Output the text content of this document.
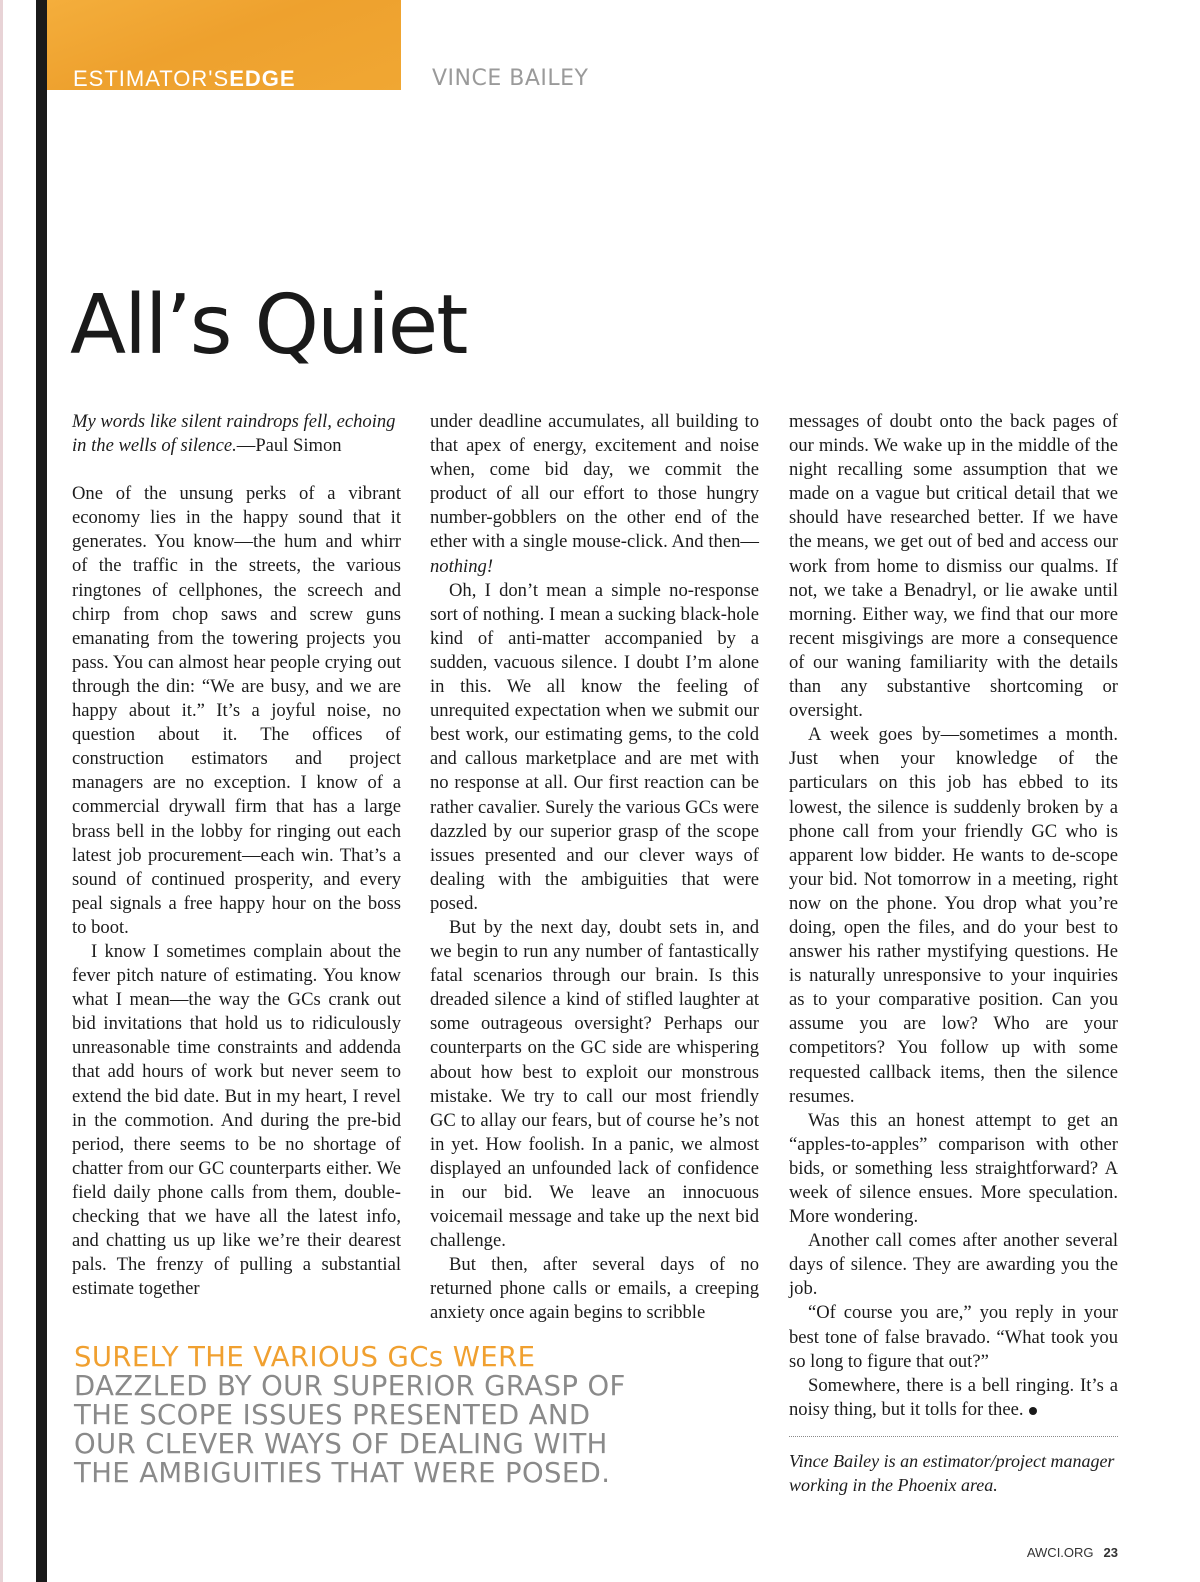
ESTIMATOR'SEDGE	VINCE BAILEY
All’s Quiet

My words like silent raindrops fell, echoing in the wells of silence.—Paul Simon

One of the unsung perks of a vibrant economy lies in the happy sound that it generates. You know—the hum and whirr of the traffic in the streets, the various ringtones of cellphones, the screech and chirp from chop saws and screw guns emanating from the towering projects you pass. You can almost hear people crying out through the din: “We are busy, and we are happy about it.” It’s a joyful noise, no question about it. The offices of construction estimators and project managers are no exception. I know of a commercial drywall firm that has a large brass bell in the lobby for ringing out each latest job procurement—each win. That’s a sound of continued prosperity, and every peal signals a free happy hour on the boss to boot.

I know I sometimes complain about the fever pitch nature of estimating. You know what I mean—the way the GCs crank out bid invitations that hold us to ridiculously unreasonable time constraints and addenda that add hours of work but never seem to extend the bid date. But in my heart, I revel in the commotion. And during the pre-bid period, there seems to be no shortage of chatter from our GC counterparts either. We field daily phone calls from them, double-checking that we have all the latest info, and chatting us up like we’re their dearest pals. The frenzy of pulling a substantial estimate together

under deadline accumulates, all building to that apex of energy, excitement and noise when, come bid day, we commit the product of all our effort to those hungry number-gobblers on the other end of the ether with a single mouse-click. And then—nothing!

Oh, I don’t mean a simple no-response sort of nothing. I mean a sucking black-hole kind of anti-matter accompanied by a sudden, vacuous silence. I doubt I’m alone in this. We all know the feeling of unrequited expectation when we submit our best work, our estimating gems, to the cold and callous marketplace and are met with no response at all. Our first reaction can be rather cavalier. Surely the various GCs were dazzled by our superior grasp of the scope issues presented and our clever ways of dealing with the ambiguities that were posed.

But by the next day, doubt sets in, and we begin to run any number of fantastically fatal scenarios through our brain. Is this dreaded silence a kind of stifled laughter at some outrageous oversight? Perhaps our counterparts on the GC side are whispering about how best to exploit our monstrous mistake. We try to call our most friendly GC to allay our fears, but of course he’s not in yet. How foolish. In a panic, we almost displayed an unfounded lack of confidence in our bid. We leave an innocuous voicemail message and take up the next bid challenge.

But then, after several days of no returned phone calls or emails, a creeping anxiety once again begins to scribble

messages of doubt onto the back pages of our minds. We wake up in the middle of the night recalling some assumption that we made on a vague but critical detail that we should have researched better. If we have the means, we get out of bed and access our work from home to dismiss our qualms. If not, we take a Benadryl, or lie awake until morning. Either way, we find that our more recent misgivings are more a consequence of our waning familiarity with the details than any substantive shortcoming or oversight.

A week goes by—sometimes a month. Just when your knowledge of the particulars on this job has ebbed to its lowest, the silence is suddenly broken by a phone call from your friendly GC who is apparent low bidder. He wants to de-scope your bid. Not tomorrow in a meeting, right now on the phone. You drop what you’re doing, open the files, and do your best to answer his rather mystifying questions. He is naturally unresponsive to your inquiries as to your comparative position. Can you assume you are low? Who are your competitors? You follow up with some requested callback items, then the silence resumes.

Was this an honest attempt to get an “apples-to-apples” comparison with other bids, or something less straightforward? A week of silence ensues. More speculation. More wondering.

Another call comes after another several days of silence. They are awarding you the job.

“Of course you are,” you reply in your best tone of false bravado. “What took you so long to figure that out?”

Somewhere, there is a bell ringing. It’s a noisy thing, but it tolls for thee.

Vince Bailey is an estimator/project manager working in the Phoenix area.

SURELY THE VARIOUS GCs WERE
DAZZLED BY OUR SUPERIOR GRASP OF
THE SCOPE ISSUES PRESENTED AND
OUR CLEVER WAYS OF DEALING WITH
THE AMBIGUITIES THAT WERE POSED.
AWCI.ORG 23
